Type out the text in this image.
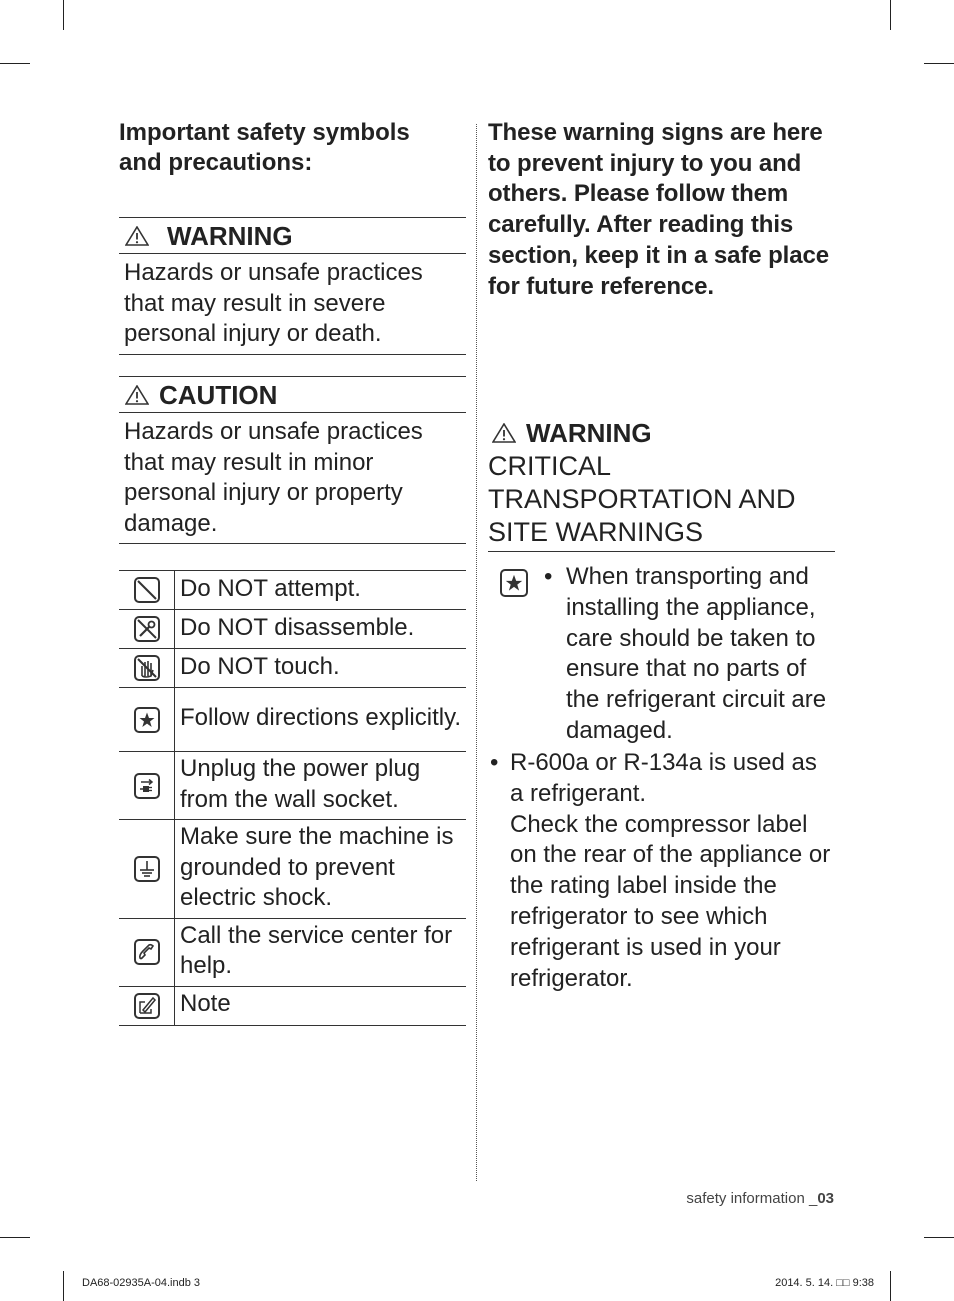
Important safety symbols and precautions:
WARNING
Hazards or unsafe practices that may result in severe personal injury or death.
CAUTION
Hazards or unsafe practices that may result in minor personal injury or property damage.
	Do NOT attempt.

	Do NOT disassemble.

	Do NOT touch.

	Follow directions explicitly.

	Unplug the power plug from the wall socket.

	Make sure the machine is grounded to prevent electric shock.

	Call the service center for help.

	Note

These warning signs are here to prevent injury to you and others. Please follow them carefully. After reading this section, keep it in a safe place for future reference.

WARNING
CRITICAL TRANSPORTATION AND SITE WARNINGS
• When transporting and installing the appliance, care should be taken to ensure that no parts of the refrigerant circuit are damaged.
• R-600a or R-134a is used as a refrigerant.
Check the compressor label on the rear of the appliance or the rating label inside the refrigerator to see which refrigerant is used in your refrigerator.
safety information _03
DA68-02935A-04.indb 3	2014. 5. 14. □□ 9:38
